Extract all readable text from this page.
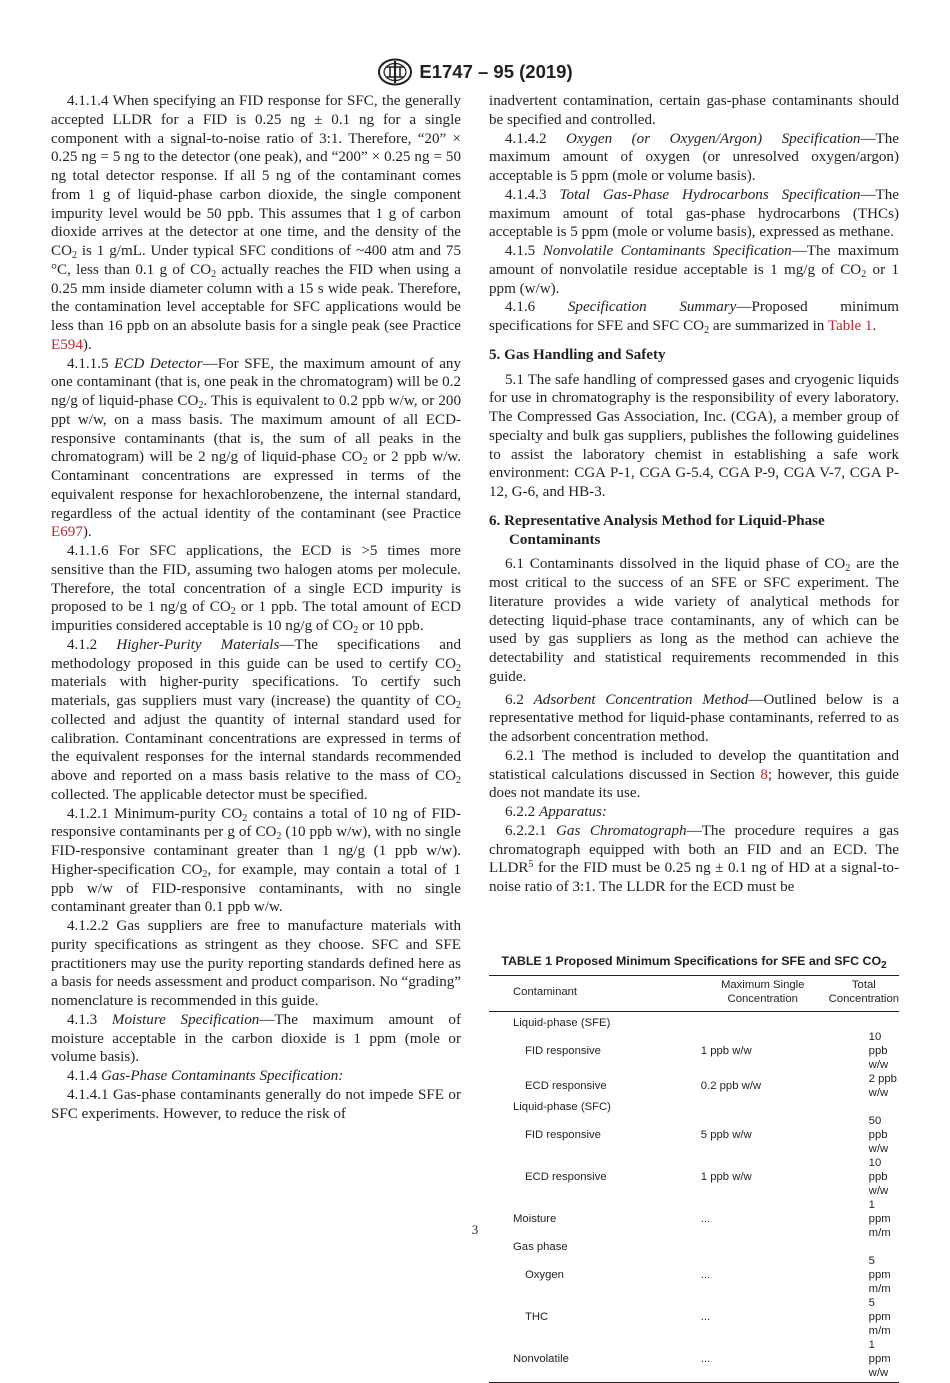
E1747 – 95 (2019)

4.1.1.4 When specifying an FID response for SFC, the generally accepted LLDR for a FID is 0.25 ng ± 0.1 ng for a single component with a signal-to-noise ratio of 3:1. Therefore, “20” × 0.25 ng = 5 ng to the detector (one peak), and “200” × 0.25 ng = 50 ng total detector response. If all 5 ng of the contaminant comes from 1 g of liquid-phase carbon dioxide, the single component impurity level would be 50 ppb. This assumes that 1 g of carbon dioxide arrives at the detector at one time, and the density of the $CO_2$ is 1 g/mL. Under typical SFC conditions of ~400 atm and 75 °C, less than 0.1 g of $CO_2$ actually reaches the FID when using a 0.25 mm inside diameter column with a 15 s wide peak. Therefore, the contamination level acceptable for SFC applications would be less than 16 ppb on an absolute basis for a single peak (see Practice E594).

4.1.1.5 ECD Detector—For SFE, the maximum amount of any one contaminant (that is, one peak in the chromatogram) will be 0.2 ng/g of liquid-phase $CO_2$. This is equivalent to 0.2 ppb w/w, or 200 ppt w/w, on a mass basis. The maximum amount of all ECD-responsive contaminants (that is, the sum of all peaks in the chromatogram) will be 2 ng/g of liquid-phase $CO_2$ or 2 ppb w/w. Contaminant concentrations are expressed in terms of the equivalent response for hexachlorobenzene, the internal standard, regardless of the actual identity of the contaminant (see Practice E697).

4.1.1.6 For SFC applications, the ECD is >5 times more sensitive than the FID, assuming two halogen atoms per molecule. Therefore, the total concentration of a single ECD impurity is proposed to be 1 ng/g of $CO_2$ or 1 ppb. The total amount of ECD impurities considered acceptable is 10 ng/g of $CO_2$ or 10 ppb.

4.1.2 Higher-Purity Materials—The specifications and methodology proposed in this guide can be used to certify $CO_2$ materials with higher-purity specifications. To certify such materials, gas suppliers must vary (increase) the quantity of $CO_2$ collected and adjust the quantity of internal standard used for calibration. Contaminant concentrations are expressed in terms of the equivalent responses for the internal standards recommended above and reported on a mass basis relative to the mass of $CO_2$ collected. The applicable detector must be specified.

4.1.2.1 Minimum-purity $CO_2$ contains a total of 10 ng of FID-responsive contaminants per g of $CO_2$ (10 ppb w/w), with no single FID-responsive contaminant greater than 1 ng/g (1 ppb w/w). Higher-specification $CO_2$, for example, may contain a total of 1 ppb w/w of FID-responsive contaminants, with no single contaminant greater than 0.1 ppb w/w.

4.1.2.2 Gas suppliers are free to manufacture materials with purity specifications as stringent as they choose. SFC and SFE practitioners may use the purity reporting standards defined here as a basis for needs assessment and product comparison. No “grading” nomenclature is recommended in this guide.

4.1.3 Moisture Specification—The maximum amount of moisture acceptable in the carbon dioxide is 1 ppm (mole or volume basis).

4.1.4 Gas-Phase Contaminants Specification:

4.1.4.1 Gas-phase contaminants generally do not impede SFE or SFC experiments. However, to reduce the risk of

inadvertent contamination, certain gas-phase contaminants should be specified and controlled.

4.1.4.2 Oxygen (or Oxygen/Argon) Specification—The maximum amount of oxygen (or unresolved oxygen/argon) acceptable is 5 ppm (mole or volume basis).

4.1.4.3 Total Gas-Phase Hydrocarbons Specification—The maximum amount of total gas-phase hydrocarbons (THCs) acceptable is 5 ppm (mole or volume basis), expressed as methane.

4.1.5 Nonvolatile Contaminants Specification—The maximum amount of nonvolatile residue acceptable is 1 mg/g of $CO_2$ or 1 ppm (w/w).

4.1.6 Specification Summary—Proposed minimum specifications for SFE and SFC $CO_2$ are summarized in Table 1.

5. Gas Handling and Safety

5.1 The safe handling of compressed gases and cryogenic liquids for use in chromatography is the responsibility of every laboratory. The Compressed Gas Association, Inc. (CGA), a member group of specialty and bulk gas suppliers, publishes the following guidelines to assist the laboratory chemist in establishing a safe work environment: CGA P-1, CGA G-5.4, CGA P-9, CGA V-7, CGA P-12, G-6, and HB-3.

6. Representative Analysis Method for Liquid-Phase Contaminants

6.1 Contaminants dissolved in the liquid phase of $CO_2$ are the most critical to the success of an SFE or SFC experiment. The literature provides a wide variety of analytical methods for detecting liquid-phase trace contaminants, any of which can be used by gas suppliers as long as the method can achieve the detectability and statistical requirements recommended in this guide.

6.2 Adsorbent Concentration Method—Outlined below is a representative method for liquid-phase contaminants, referred to as the adsorbent concentration method.

6.2.1 The method is included to develop the quantitation and statistical calculations discussed in Section 8; however, this guide does not mandate its use.

6.2.2 Apparatus:

6.2.2.1 Gas Chromatograph—The procedure requires a gas chromatograph equipped with both an FID and an ECD. The LLDR$^5$ for the FID must be 0.25 ng ± 0.1 ng of HD at a signal-to-noise ratio of 3:1. The LLDR for the ECD must be

TABLE 1 Proposed Minimum Specifications for SFE and SFC $CO_2$
Contaminant	Maximum Single Concentration	Total Concentration
Liquid-phase (SFE)		
FID responsive	1 ppb w/w	10 ppb w/w
ECD responsive	0.2 ppb w/w	2 ppb w/w
Liquid-phase (SFC)		
FID responsive	5 ppb w/w	50 ppb w/w
ECD responsive	1 ppb w/w	10 ppb w/w
Moisture	...	1 ppm m/m
Gas phase		
Oxygen	...	5 ppm m/m
THC	...	5 ppm m/m
Nonvolatile	...	1 ppm w/w
3
